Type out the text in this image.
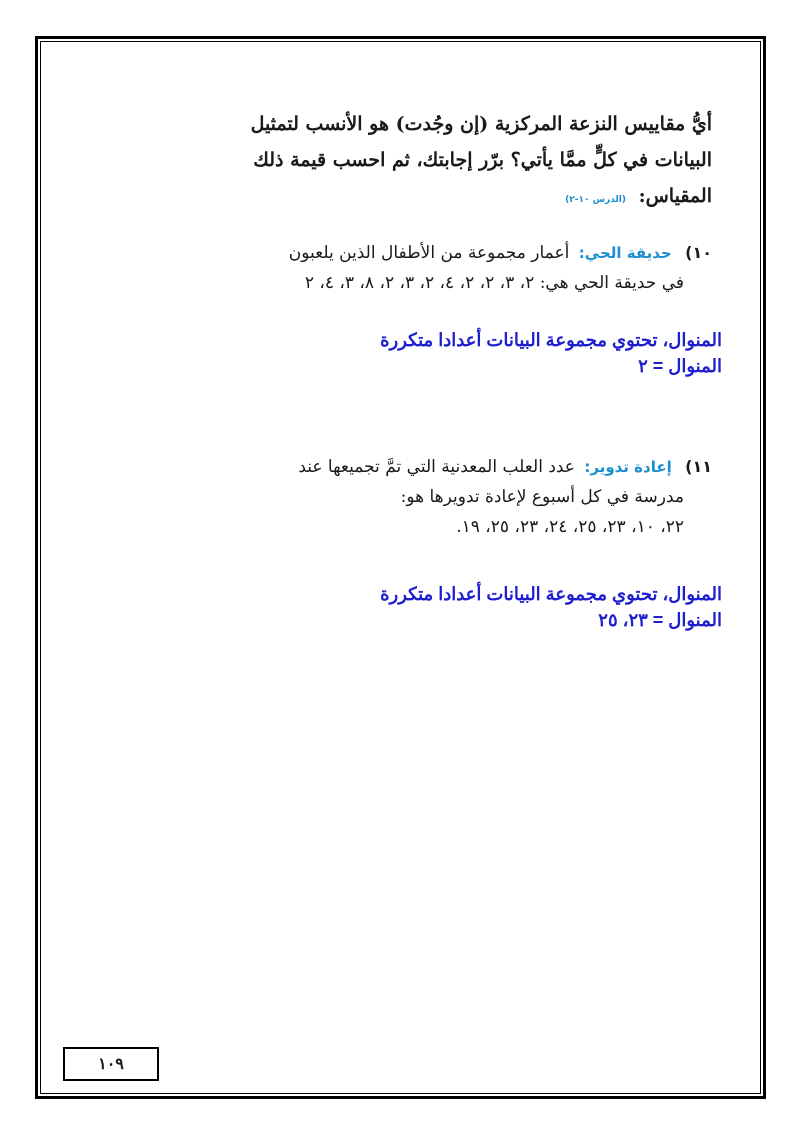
أيُّ مقاييس النزعة المركزية (إن وجُدت) هو الأنسب لتمثيل
البيانات في كلٍّ ممَّا يأتي؟ برّر إجابتك، ثم احسب قيمة ذلك
المقياس: (الدرس ١٠-٢)
١٠) حديقة الحي: أعمار مجموعة من الأطفال الذين يلعبون
في حديقة الحي هي: ٢، ٣، ٢، ٢، ٤، ٢، ٣، ٢، ٨، ٣، ٤، ٢
المنوال، تحتوي مجموعة البيانات أعدادا متكررة
المنوال = ٢
١١) إعادة تدوير: عدد العلب المعدنية التي تمَّ تجميعها عند
مدرسة في كل أسبوع لإعادة تدويرها هو:
٢٢، ١٠، ٢٣، ٢٥، ٢٤، ٢٣، ٢٥، ١٩.
المنوال، تحتوي مجموعة البيانات أعدادا متكررة
المنوال = ٢٣، ٢٥
١٠٩
